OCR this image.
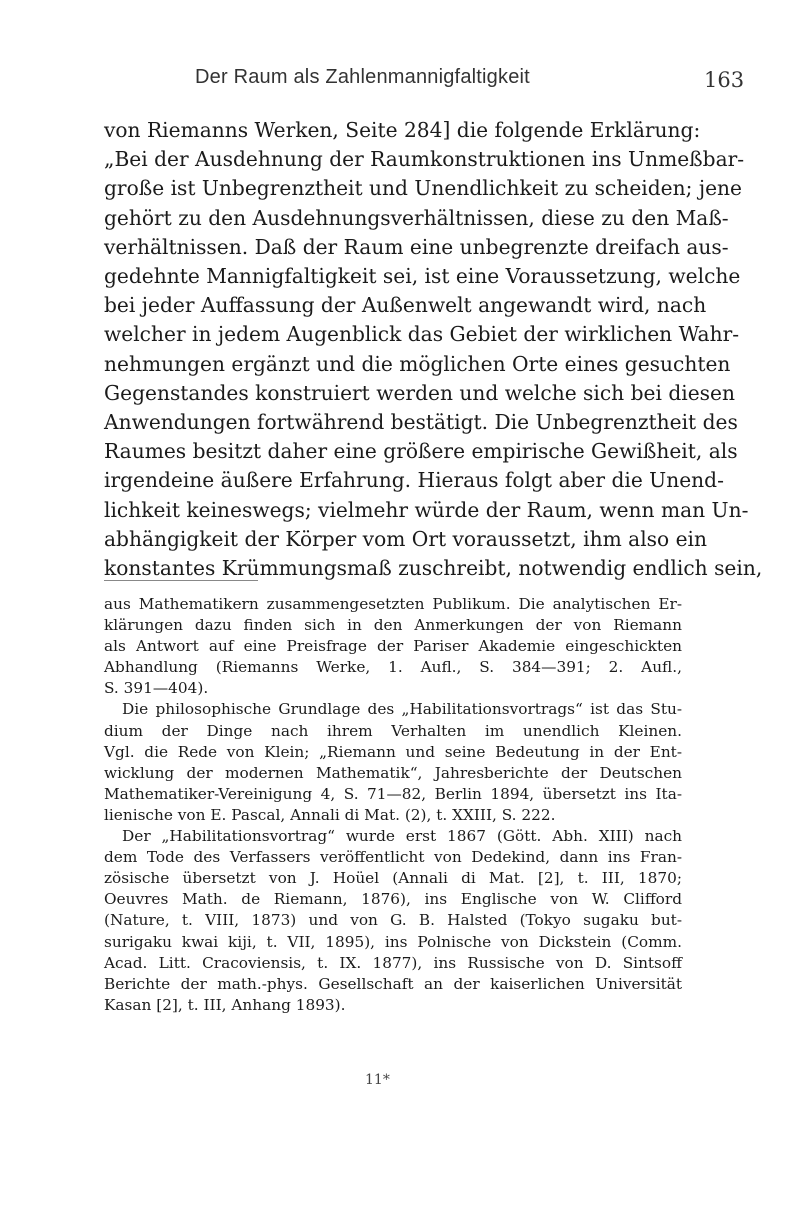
Der Raum als Zahlenmannigfaltigkeit	163
von Riemanns Werken, Seite 284] die folgende Erklärung:
„Bei der Ausdehnung der Raumkonstruktionen ins Unmeßbar-
große ist Unbegrenztheit und Unendlichkeit zu scheiden; jene
gehört zu den Ausdehnungsverhältnissen, diese zu den Maß-
verhältnissen. Daß der Raum eine unbegrenzte dreifach aus-
gedehnte Mannigfaltigkeit sei, ist eine Voraussetzung, welche
bei jeder Auffassung der Außenwelt angewandt wird, nach
welcher in jedem Augenblick das Gebiet der wirklichen Wahr-
nehmungen ergänzt und die möglichen Orte eines gesuchten
Gegenstandes konstruiert werden und welche sich bei diesen
Anwendungen fortwährend bestätigt. Die Unbegrenztheit des
Raumes besitzt daher eine größere empirische Gewißheit, als
irgendeine äußere Erfahrung. Hieraus folgt aber die Unend-
lichkeit keineswegs; vielmehr würde der Raum, wenn man Un-
abhängigkeit der Körper vom Ort voraussetzt, ihm also ein
konstantes Krümmungsmaß zuschreibt, notwendig endlich sein,
aus Mathematikern zusammengesetzten Publikum. Die analytischen Er-
klärungen dazu finden sich in den Anmerkungen der von Riemann
als Antwort auf eine Preisfrage der Pariser Akademie eingeschickten
Abhandlung (Riemanns Werke, 1. Aufl., S. 384—391; 2. Aufl.,
S. 391—404).
Die philosophische Grundlage des „Habilitationsvortrags“ ist das Stu-
dium der Dinge nach ihrem Verhalten im unendlich Kleinen.
Vgl. die Rede von Klein; „Riemann und seine Bedeutung in der Ent-
wicklung der modernen Mathematik“, Jahresberichte der Deutschen
Mathematiker-Vereinigung 4, S. 71—82, Berlin 1894, übersetzt ins Ita-
lienische von E. Pascal, Annali di Mat. (2), t. XXIII, S. 222.
Der „Habilitationsvortrag“ wurde erst 1867 (Gött. Abh. XIII) nach
dem Tode des Verfassers veröffentlicht von Dedekind, dann ins Fran-
zösische übersetzt von J. Hoüel (Annali di Mat. [2], t. III, 1870;
Oeuvres Math. de Riemann, 1876), ins Englische von W. Clifford
(Nature, t. VIII, 1873) und von G. B. Halsted (Tokyo sugaku but-
surigaku kwai kiji, t. VII, 1895), ins Polnische von Dickstein (Comm.
Acad. Litt. Cracoviensis, t. IX. 1877), ins Russische von D. Sintsoff
Berichte der math.-phys. Gesellschaft an der kaiserlichen Universität
Kasan [2], t. III, Anhang 1893).
11*
